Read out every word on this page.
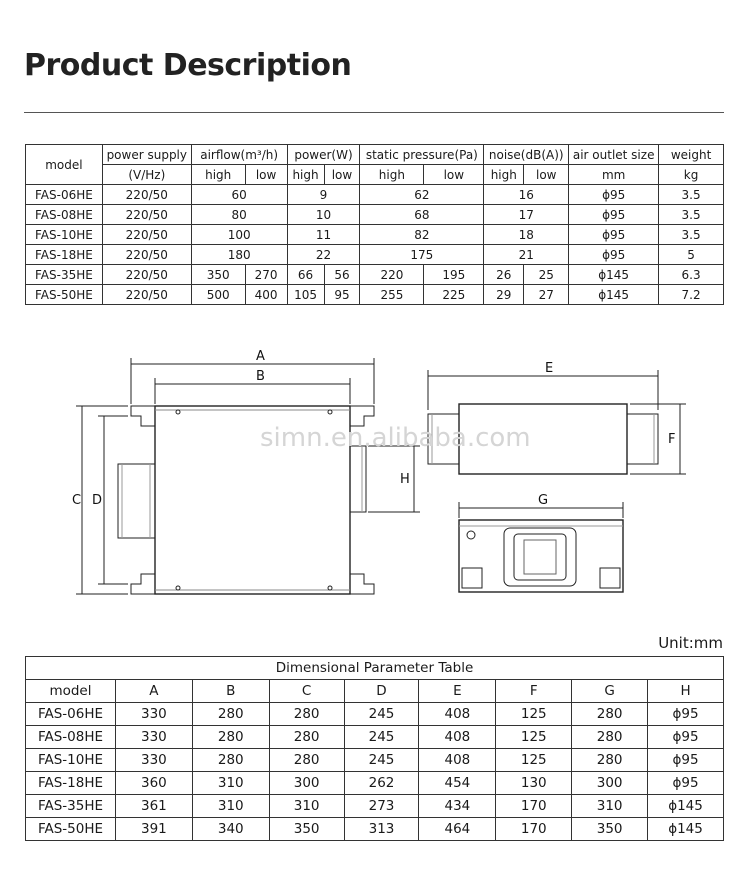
Product Description
model	power supply	airflow(m³/h)		power(W)		static pressure(Pa)		noise(dB(A))		air outlet size	weight
	(V/Hz)	high	low	high	low	high	low	high	low	mm	kg
FAS-06HE	220/50	60		9		62		16		ϕ95	3.5
FAS-08HE	220/50	80		10		68		17		ϕ95	3.5
FAS-10HE	220/50	100		11		82		18		ϕ95	3.5
FAS-18HE	220/50	180		22		175		21		ϕ95	5
FAS-35HE	220/50	350	270	66	56	220	195	26	25	ϕ145	6.3
FAS-50HE	220/50	500	400	105	95	255	225	29	27	ϕ145	7.2
A
B
C D
H
E
F
G
simn.en.alibaba.com
Unit:mm
Dimensional Parameter Table								
model	A	B	C	D	E	F	G	H
FAS-06HE	330	280	280	245	408	125	280	ϕ95
FAS-08HE	330	280	280	245	408	125	280	ϕ95
FAS-10HE	330	280	280	245	408	125	280	ϕ95
FAS-18HE	360	310	300	262	454	130	300	ϕ95
FAS-35HE	361	310	310	273	434	170	310	ϕ145
FAS-50HE	391	340	350	313	464	170	350	ϕ145
